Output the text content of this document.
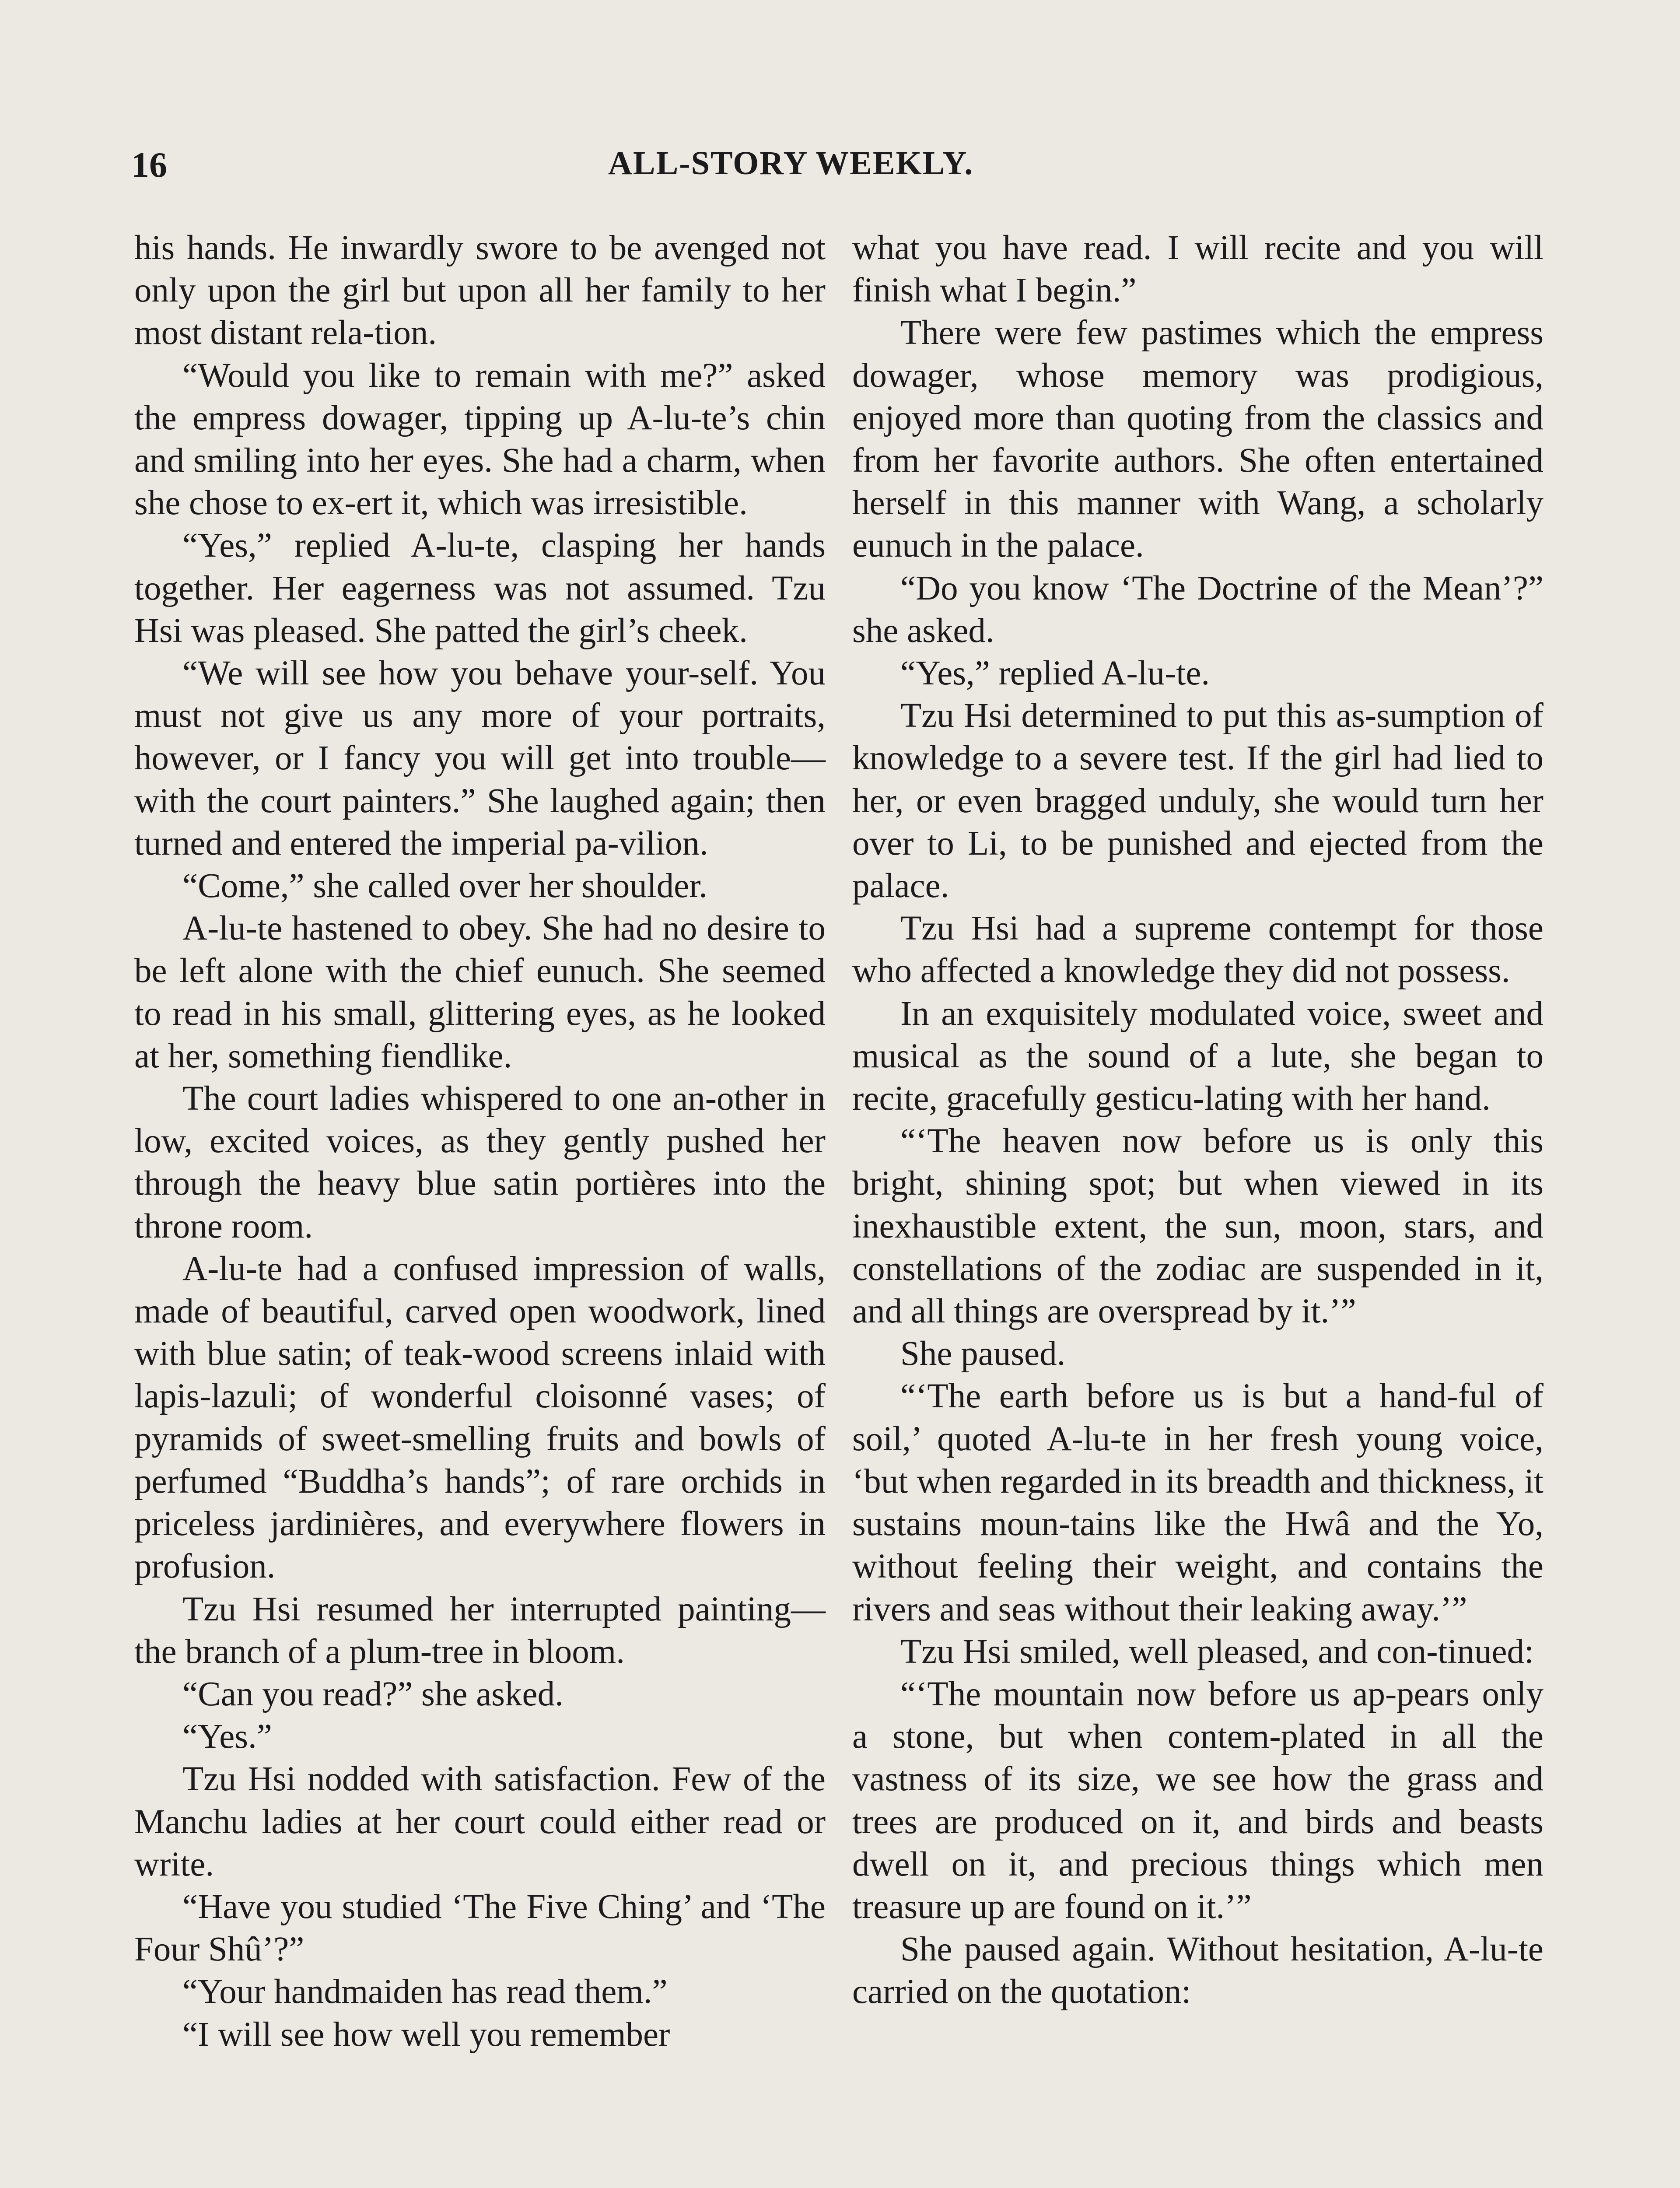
16	ALL-STORY WEEKLY.

his hands. He inwardly swore to be avenged not only upon the girl but upon all her family to her most distant rela-tion.

“Would you like to remain with me?” asked the empress dowager, tipping up A-lu-te’s chin and smiling into her eyes. She had a charm, when she chose to ex-ert it, which was irresistible.

“Yes,” replied A-lu-te, clasping her hands together. Her eagerness was not assumed. Tzu Hsi was pleased. She patted the girl’s cheek.

“We will see how you behave your-self. You must not give us any more of your portraits, however, or I fancy you will get into trouble—with the court painters.” She laughed again; then turned and entered the imperial pa-vilion.

“Come,” she called over her shoulder.

A-lu-te hastened to obey. She had no desire to be left alone with the chief eunuch. She seemed to read in his small, glittering eyes, as he looked at her, something fiendlike.

The court ladies whispered to one an-other in low, excited voices, as they gently pushed her through the heavy blue satin portières into the throne room.

A-lu-te had a confused impression of walls, made of beautiful, carved open woodwork, lined with blue satin; of teak-wood screens inlaid with lapis-lazuli; of wonderful cloisonné vases; of pyramids of sweet-smelling fruits and bowls of perfumed “Buddha’s hands”; of rare orchids in priceless jardinières, and everywhere flowers in profusion.

Tzu Hsi resumed her interrupted painting—the branch of a plum-tree in bloom.

“Can you read?” she asked.

“Yes.”

Tzu Hsi nodded with satisfaction. Few of the Manchu ladies at her court could either read or write.

“Have you studied ‘The Five Ching’ and ‘The Four Shû’?”

“Your handmaiden has read them.”

“I will see how well you remember

what you have read. I will recite and you will finish what I begin.”

There were few pastimes which the empress dowager, whose memory was prodigious, enjoyed more than quoting from the classics and from her favorite authors. She often entertained herself in this manner with Wang, a scholarly eunuch in the palace.

“Do you know ‘The Doctrine of the Mean’?” she asked.

“Yes,” replied A-lu-te.

Tzu Hsi determined to put this as-sumption of knowledge to a severe test. If the girl had lied to her, or even bragged unduly, she would turn her over to Li, to be punished and ejected from the palace.

Tzu Hsi had a supreme contempt for those who affected a knowledge they did not possess.

In an exquisitely modulated voice, sweet and musical as the sound of a lute, she began to recite, gracefully gesticu-lating with her hand.

“‘The heaven now before us is only this bright, shining spot; but when viewed in its inexhaustible extent, the sun, moon, stars, and constellations of the zodiac are suspended in it, and all things are overspread by it.’”

She paused.

“‘The earth before us is but a hand-ful of soil,’ quoted A-lu-te in her fresh young voice, ‘but when regarded in its breadth and thickness, it sustains moun-tains like the Hwâ and the Yo, without feeling their weight, and contains the rivers and seas without their leaking away.’”

Tzu Hsi smiled, well pleased, and con-tinued:

“‘The mountain now before us ap-pears only a stone, but when contem-plated in all the vastness of its size, we see how the grass and trees are produced on it, and birds and beasts dwell on it, and precious things which men treasure up are found on it.’”

She paused again. Without hesitation, A-lu-te carried on the quotation:
